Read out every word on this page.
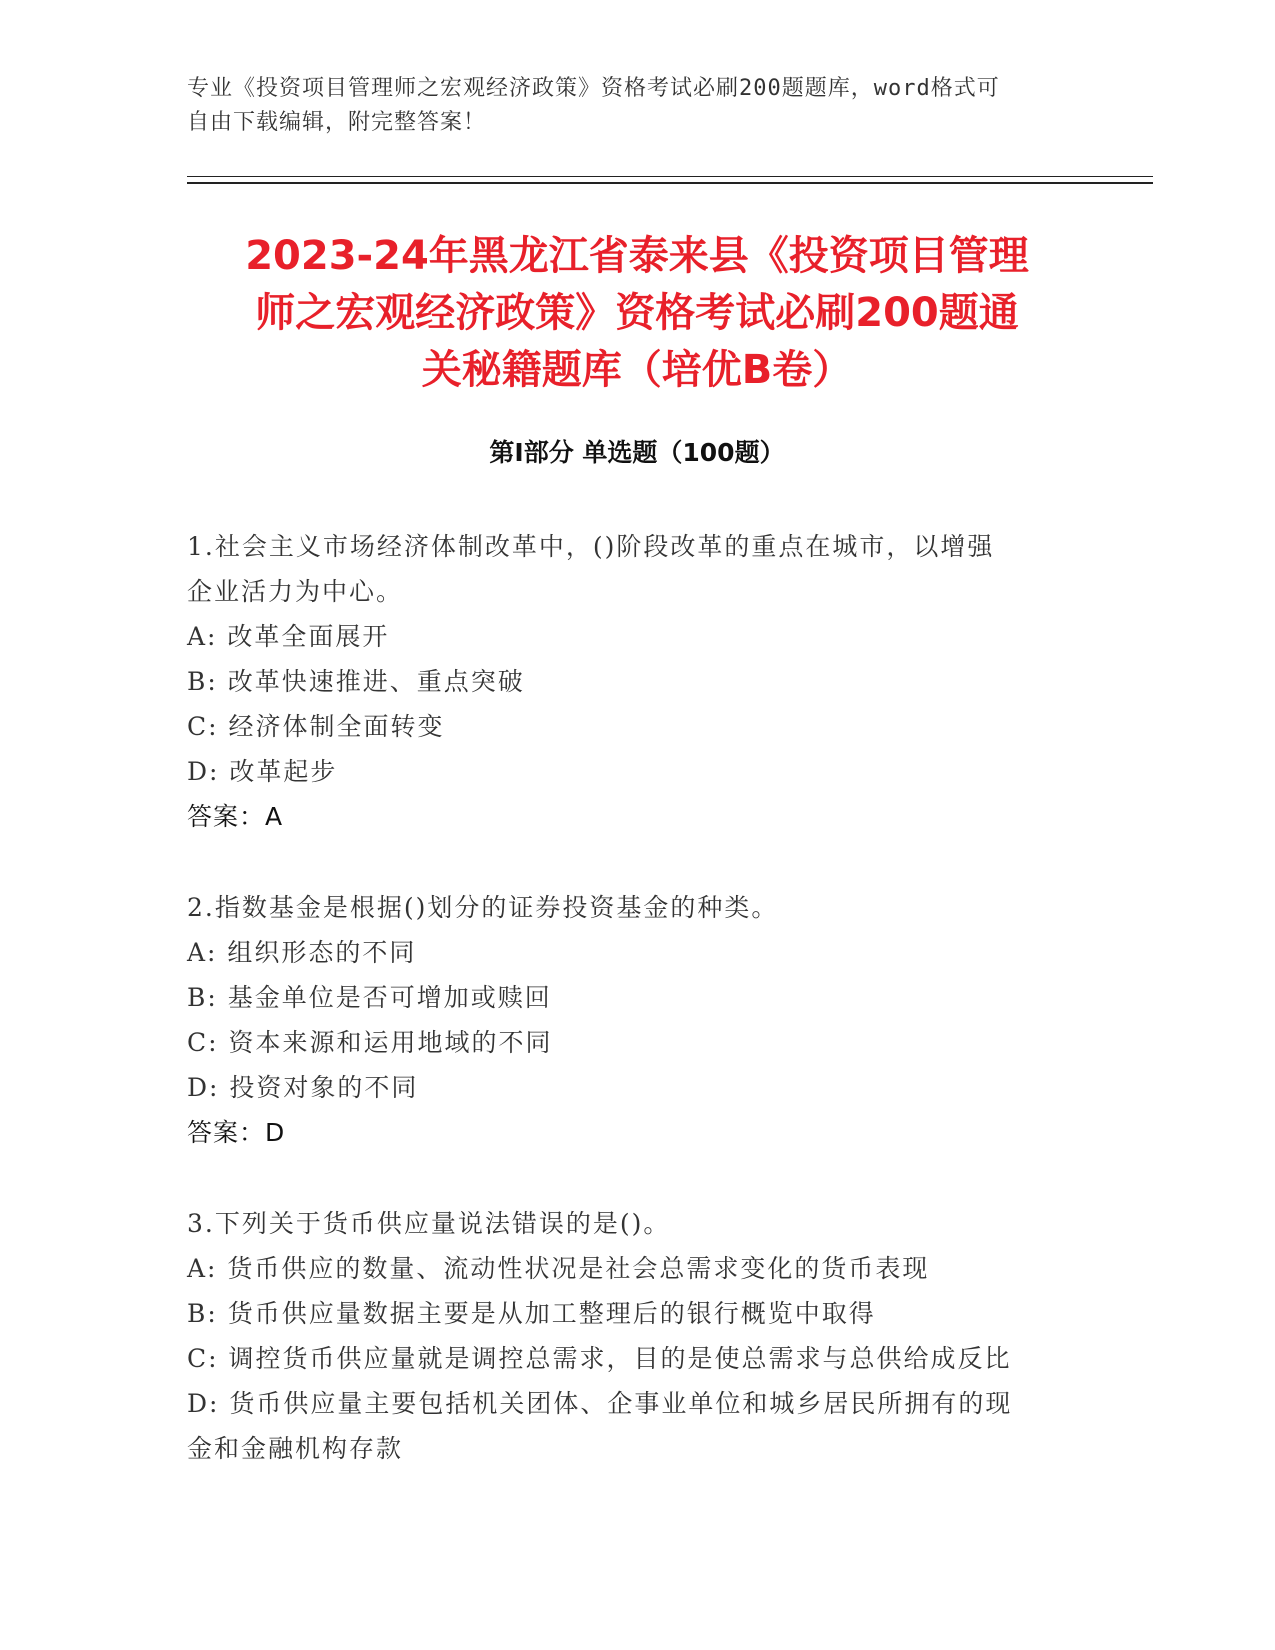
专业《投资项目管理师之宏观经济政策》资格考试必刷200题题库，word格式可
自由下载编辑，附完整答案！
2023-24年黑龙江省泰来县《投资项目管理
师之宏观经济政策》资格考试必刷200题通
关秘籍题库（培优B卷）
第Ⅰ部分 单选题（100题）
1.社会主义市场经济体制改革中，()阶段改革的重点在城市，以增强
企业活力为中心。
A: 改革全面展开
B: 改革快速推进、重点突破
C: 经济体制全面转变
D: 改革起步
答案：A
2.指数基金是根据()划分的证券投资基金的种类。
A: 组织形态的不同
B: 基金单位是否可增加或赎回
C: 资本来源和运用地域的不同
D: 投资对象的不同
答案：D
3.下列关于货币供应量说法错误的是()。
A: 货币供应的数量、流动性状况是社会总需求变化的货币表现
B: 货币供应量数据主要是从加工整理后的银行概览中取得
C: 调控货币供应量就是调控总需求，目的是使总需求与总供给成反比
D: 货币供应量主要包括机关团体、企事业单位和城乡居民所拥有的现
金和金融机构存款
